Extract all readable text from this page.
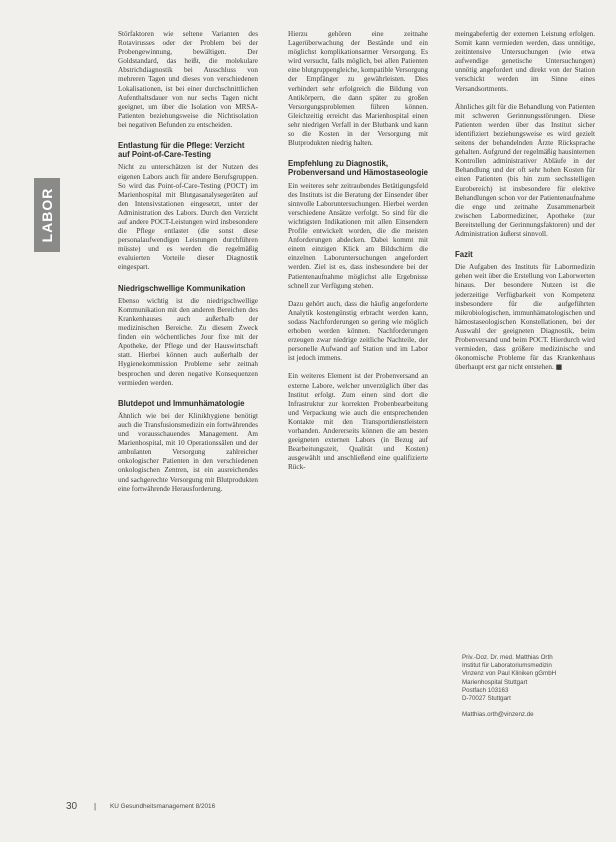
LABOR

Störfaktoren wie seltene Varianten des Rotavirusses oder der Problem bei der Probengewinnung, bewältigen. Der Goldstandard, das heißt, die molekulare Abstrichdiagnostik bei Ausschluss von mehreren Tagen und dieses von verschiedenen Lokalisationen, ist bei einer durchschnittlichen Aufenthaltsdauer von nur sechs Tagen nicht geeignet, um über die Isolation von MRSA-Patienten beziehungsweise die Nichtisolation bei negativen Befunden zu entscheiden.

Entlastung für die Pflege: Verzicht auf Point-of-Care-Testing

Nicht zu unterschätzen ist der Nutzen des eigenen Labors auch für andere Berufsgruppen. So wird das Point-of-Care-Testing (POCT) im Marienhospital mit Blutgasanalysegeräten auf den Intensivstationen eingesetzt, unter der Administration des Labors. Durch den Verzicht auf andere POCT-Leistungen wird insbesondere die Pflege entlastet (die sonst diese personalaufwendigen Leistungen durchführen müsste) und es werden die regelmäßig evaluierten Vorteile dieser Diagnostik eingespart.

Niedrigschwellige Kommunikation

Ebenso wichtig ist die niedrigschwellige Kommunikation mit den anderen Bereichen des Krankenhauses auch außerhalb der medizinischen Bereiche. Zu diesem Zweck finden ein wöchentliches Jour fixe mit der Apotheke, der Pflege und der Hauswirtschaft statt. Hierbei können auch außerhalb der Hygienekommission Probleme sehr zeitnah besprochen und deren negative Konsequenzen vermieden werden.

Blutdepot und Immunhämatologie

Ähnlich wie bei der Klinikhygiene benötigt auch die Transfusionsmedizin ein fortwährendes und vorausschauendes Management. Am Marienhospital, mit 10 Operationssälen und der ambulanten Versorgung zahlreicher onkologischer Patienten in den verschiedenen onkologischen Zentren, ist ein ausreichendes und sachgerechte Versorgung mit Blutprodukten eine fortwährende Herausforderung.

Hierzu gehören eine zeitnahe Lagerüberwachung der Bestände und ein möglichst komplikationsarmer Versorgung. Es wird versucht, falls möglich, bei allen Patienten eine blutgruppengleiche, kompatible Versorgung der Empfänger zu gewährleisten. Dies verhindert sehr erfolgreich die Bildung von Antikörpern, die dann später zu großen Versorgungsproblemen führen können. Gleichzeitig erreicht das Marienhospital einen sehr niedrigen Verfall in der Blutbank und kann so die Kosten in der Versorgung mit Blutprodukten niedrig halten.

Empfehlung zu Diagnostik, Probenversand und Hämostaseologie

Ein weiteres sehr zeitraubendes Betätigungsfeld des Instituts ist die Beratung der Einsender über sinnvolle Laboruntersuchungen. Hierbei werden verschiedene Ansätze verfolgt. So sind für die wichtigsten Indikationen mit allen Einsendern Profile entwickelt worden, die die meisten Anforderungen abdecken. Dabei kommt mit einem einzigen Klick am Bildschirm die einzelnen Laboruntersuchungen angefordert werden. Ziel ist es, dass insbesondere bei der Patientenaufnahme möglichst alle Ergebnisse schnell zur Verfügung stehen.

Dazu gehört auch, dass die häufig angeforderte Analytik kostengünstig erbracht werden kann, sodass Nachforderungen so gering wie möglich erhoben werden können. Nachforderungen erzeugen zwar niedrige zeitliche Nachteile, der personelle Aufwand auf Station und im Labor ist jedoch immens.

Ein weiteres Element ist der Probenversand an externe Labore, welcher unverzüglich über das Institut erfolgt. Zum einen sind dort die Infrastruktur zur korrekten Probenbearbeitung und Verpackung wie auch die entsprechenden Kontakte mit den Transportdienstleistern vorhanden. Andererseits können die am besten geeigneten externen Labors (in Bezug auf Bearbeitungszeit, Qualität und Kosten) ausgewählt und anschließend eine qualifizierte Rück-

meingabefertig der externen Leistung erfolgen. Somit kann vermieden werden, dass unnötige, zeitintensive Untersuchungen (wie etwa aufwendige genetische Untersuchungen) unnötig angefordert und direkt von der Station verschickt werden im Sinne eines Versandsortments.

Ähnliches gilt für die Behandlung von Patienten mit schweren Gerinnungsstörungen. Diese Patienten werden über das Institut sicher identifiziert beziehungsweise es wird gezielt seitens der behandelnden Ärzte Rücksprache gehalten. Aufgrund der regelmäßig hausinternen Kontrollen administrativer Abläufe in der Behandlung und der oft sehr hohen Kosten für einen Patienten (bis hin zum sechsstelligen Eurobereich) ist insbesondere für elektive Behandlungen schon vor der Patientenaufnahme die enge und zeitnahe Zusammenarbeit zwischen Labormediziner, Apotheke (zur Bereitstellung der Gerinnungsfaktoren) und der Administration äußerst sinnvoll.

Fazit

Die Aufgaben des Instituts für Labormedizin gehen weit über die Erstellung von Laborwerten hinaus. Der besondere Nutzen ist die jederzeitige Verfügbarkeit von Kompetenz insbesondere für die aufgeführten mikrobiologischen, immunhämatologischen und hämostaseologischen Konstellationen, bei der Auswahl der geeigneten Diagnostik, beim Probenversand und beim POCT. Hierdurch wird vermieden, dass größere medizinische und ökonomische Probleme für das Krankenhaus überhaupt erst gar nicht entstehen. ■

Priv.-Doz. Dr. med. Matthias Orth
Institut für Laboratoriumsmedizin
Vinzenz von Paul Kliniken gGmbH
Marienhospital Stuttgart
Postfach 103163
D-70027 Stuttgart
Matthias.orth@vinzenz.de
30 | KU Gesundheitsmanagement 8/2016
